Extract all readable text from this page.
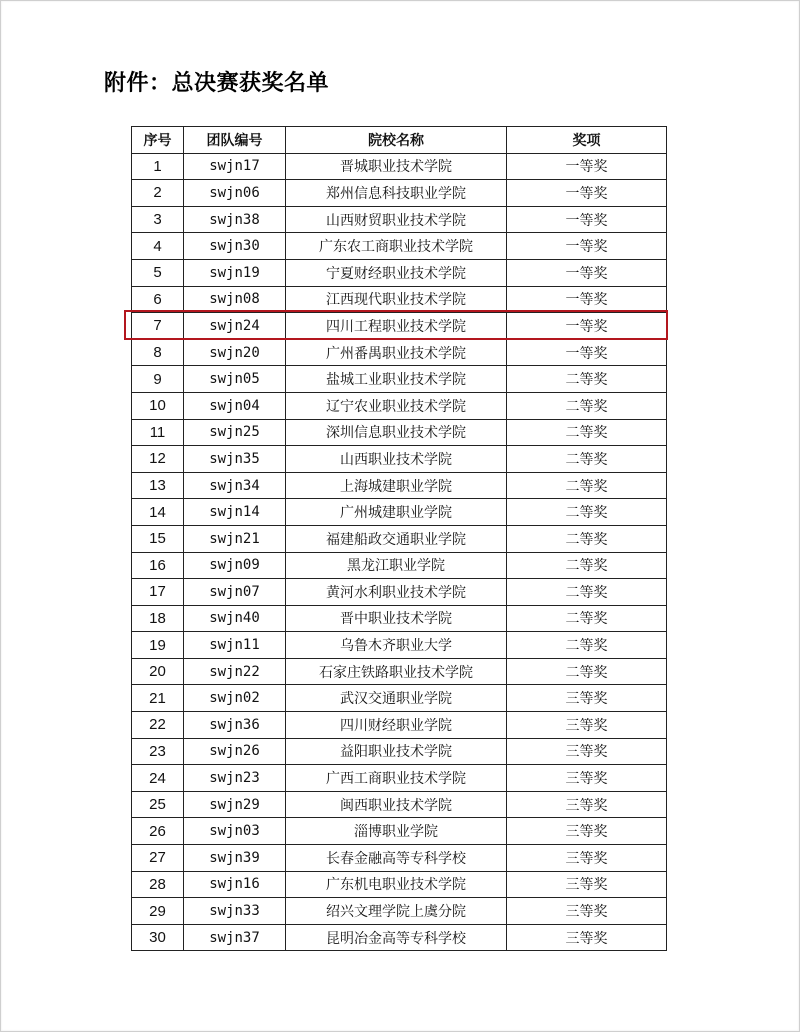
附件：总决赛获奖名单
序号	团队编号	院校名称	奖项
1	swjn17	晋城职业技术学院	一等奖
2	swjn06	郑州信息科技职业学院	一等奖
3	swjn38	山西财贸职业技术学院	一等奖
4	swjn30	广东农工商职业技术学院	一等奖
5	swjn19	宁夏财经职业技术学院	一等奖
6	swjn08	江西现代职业技术学院	一等奖
7	swjn24	四川工程职业技术学院	一等奖
8	swjn20	广州番禺职业技术学院	一等奖
9	swjn05	盐城工业职业技术学院	二等奖
10	swjn04	辽宁农业职业技术学院	二等奖
11	swjn25	深圳信息职业技术学院	二等奖
12	swjn35	山西职业技术学院	二等奖
13	swjn34	上海城建职业学院	二等奖
14	swjn14	广州城建职业学院	二等奖
15	swjn21	福建船政交通职业学院	二等奖
16	swjn09	黑龙江职业学院	二等奖
17	swjn07	黄河水利职业技术学院	二等奖
18	swjn40	晋中职业技术学院	二等奖
19	swjn11	乌鲁木齐职业大学	二等奖
20	swjn22	石家庄铁路职业技术学院	二等奖
21	swjn02	武汉交通职业学院	三等奖
22	swjn36	四川财经职业学院	三等奖
23	swjn26	益阳职业技术学院	三等奖
24	swjn23	广西工商职业技术学院	三等奖
25	swjn29	闽西职业技术学院	三等奖
26	swjn03	淄博职业学院	三等奖
27	swjn39	长春金融高等专科学校	三等奖
28	swjn16	广东机电职业技术学院	三等奖
29	swjn33	绍兴文理学院上虞分院	三等奖
30	swjn37	昆明冶金高等专科学校	三等奖
